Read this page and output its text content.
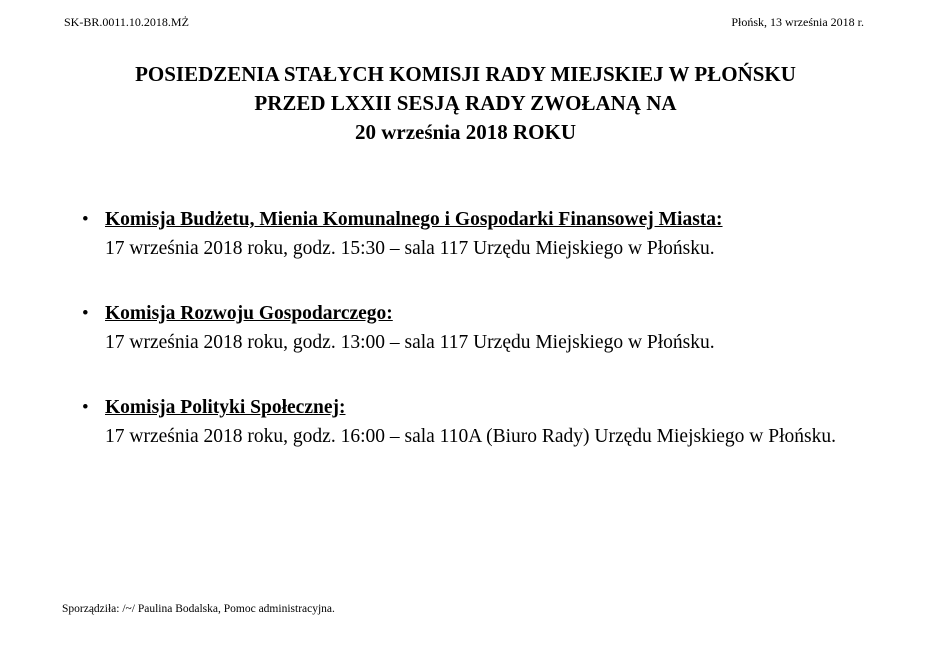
SK-BR.0011.10.2018.MŻ	Płońsk, 13 września 2018 r.
POSIEDZENIA STAŁYCH KOMISJI RADY MIEJSKIEJ W PŁOŃSKU
PRZED LXXII SESJĄ RADY ZWOŁANĄ NA
20 września 2018 ROKU
• Komisja Budżetu, Mienia Komunalnego i Gospodarki Finansowej Miasta:
17 września 2018 roku, godz. 15:30 – sala 117 Urzędu Miejskiego w Płońsku.
• Komisja Rozwoju Gospodarczego:
17 września 2018 roku, godz. 13:00 – sala 117 Urzędu Miejskiego w Płońsku.
• Komisja Polityki Społecznej:
17 września 2018 roku, godz. 16:00 – sala 110A (Biuro Rady) Urzędu Miejskiego w Płońsku.
Sporządziła: /~/ Paulina Bodalska, Pomoc administracyjna.
